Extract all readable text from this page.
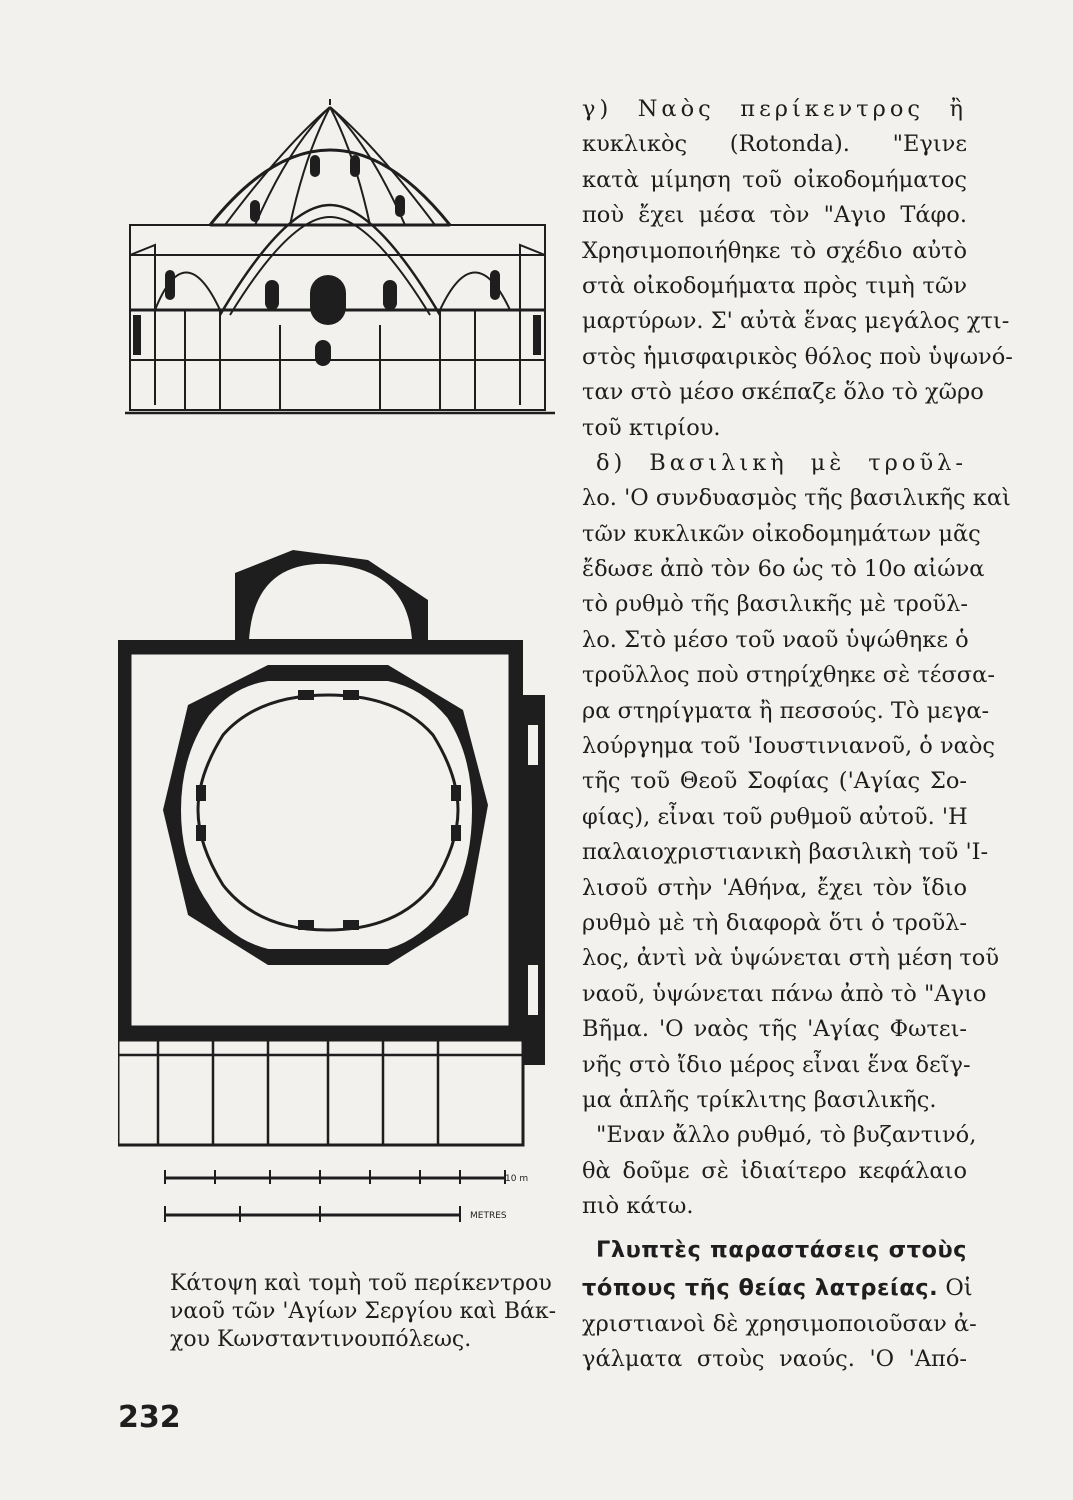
10 m
METRES
Κάτοψη καὶ τομὴ τοῦ περίκεντρου
ναοῦ τῶν 'Αγίων Σεργίου καὶ Βάκ-
χου Κωνσταντινουπόλεως.
232
γ) Ναὸς περίκεντρος ἢ
κυκλικὸς (Rotonda). "Εγινε
κατὰ μίμηση τοῦ οἰκοδομήματος
ποὺ ἔχει μέσα τὸν "Αγιο Τάφο.
Χρησιμοποιήθηκε τὸ σχέδιο αὐτὸ
στὰ οἰκοδομήματα πρὸς τιμὴ τῶν
μαρτύρων. Σ' αὐτὰ ἕνας μεγάλος χτι-
στὸς ἡμισφαιρικὸς θόλος ποὺ ὑψωνό-
ταν στὸ μέσο σκέπαζε ὅλο τὸ χῶρο
τοῦ κτιρίου.
δ) Βασιλικὴ μὲ τροῦλ-
λο. 'Ο συνδυασμὸς τῆς βασιλικῆς καὶ
τῶν κυκλικῶν οἰκοδομημάτων μᾶς
ἔδωσε ἀπὸ τὸν 6ο ὡς τὸ 10ο αἰώνα
τὸ ρυθμὸ τῆς βασιλικῆς μὲ τροῦλ-
λο. Στὸ μέσο τοῦ ναοῦ ὑψώθηκε ὁ
τροῦλλος ποὺ στηρίχθηκε σὲ τέσσα-
ρα στηρίγματα ἢ πεσσούς. Τὸ μεγα-
λούργημα τοῦ 'Ιουστινιανοῦ, ὁ ναὸς
τῆς τοῦ Θεοῦ Σοφίας ('Αγίας Σο-
φίας), εἶναι τοῦ ρυθμοῦ αὐτοῦ. 'Η
παλαιοχριστιανικὴ βασιλικὴ τοῦ 'Ι-
λισοῦ στὴν 'Αθήνα, ἔχει τὸν ἴδιο
ρυθμὸ μὲ τὴ διαφορὰ ὅτι ὁ τροῦλ-
λος, ἀντὶ νὰ ὑψώνεται στὴ μέση τοῦ
ναοῦ, ὑψώνεται πάνω ἀπὸ τὸ "Αγιο
Βῆμα. 'Ο ναὸς τῆς 'Αγίας Φωτει-
νῆς στὸ ἴδιο μέρος εἶναι ἕνα δεῖγ-
μα ἁπλῆς τρίκλιτης βασιλικῆς.
"Εναν ἄλλο ρυθμό, τὸ βυζαντινό,
θὰ δοῦμε σὲ ἰδιαίτερο κεφάλαιο
πιὸ κάτω.
Γλυπτὲς παραστάσεις στοὺς
τόπους τῆς θείας λατρείας. Οἱ
χριστιανοὶ δὲ χρησιμοποιοῦσαν ἀ-
γάλματα στοὺς ναούς. 'Ο 'Από-
